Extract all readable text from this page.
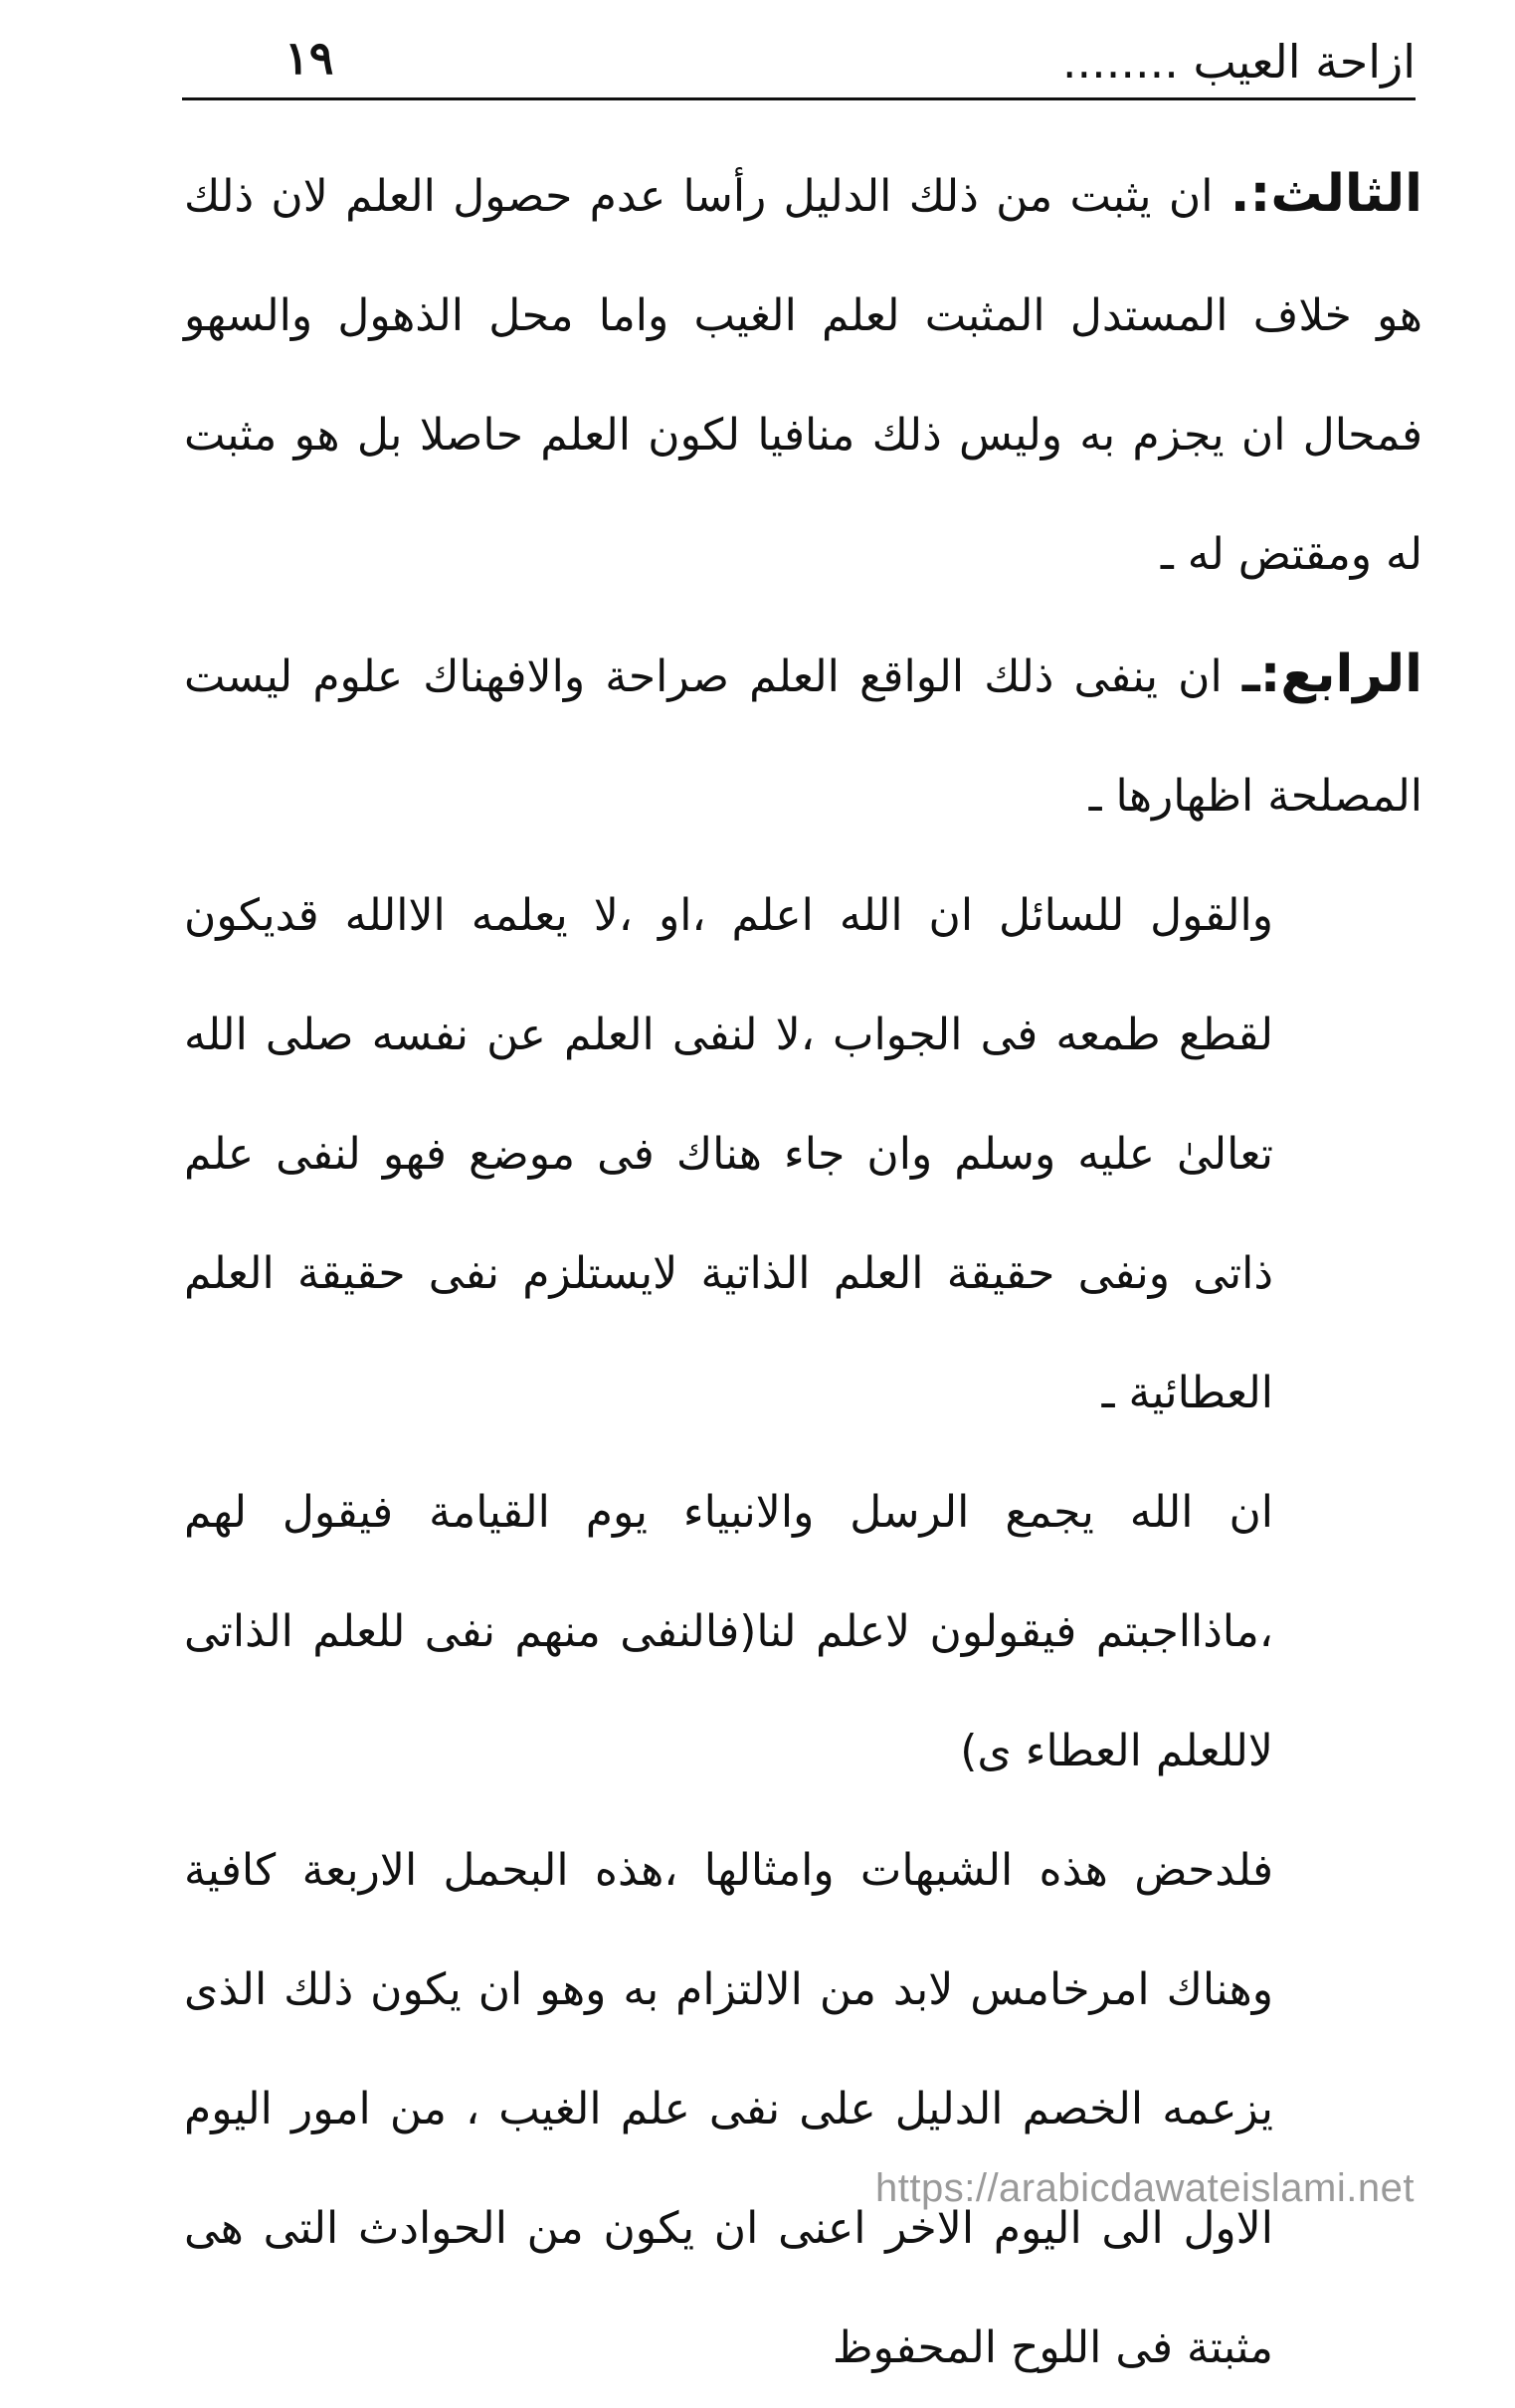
١٩	ازاحة العيب ........

الثالث:. ان يثبت من ذلك الدليل رأسا عدم حصول العلم لان ذلك هو خلاف المستدل المثبت لعلم الغيب واما محل الذهول والسهو فمحال ان يجزم به وليس ذلك منافيا لكون العلم حاصلا بل هو مثبت له ومقتض له ـ

الرابع:ـ ان ينفى ذلك الواقع العلم صراحة والافهناك علوم ليست المصلحة اظهارها ـ

والقول للسائل ان الله اعلم ،او ،لا يعلمه الاالله قديكون لقطع طمعه فى الجواب ،لا لنفى العلم عن نفسه صلى الله تعالىٰ عليه وسلم وان جاء هناك فى موضع فهو لنفى علم ذاتى ونفى حقيقة العلم الذاتية لايستلزم نفى حقيقة العلم العطائية ـ

ان الله يجمع الرسل والانبياء يوم القيامة فيقول لهم ،ماذااجبتم فيقولون لاعلم لنا(فالنفى منهم نفى للعلم الذاتى لاللعلم العطاء ى)

فلدحض هذه الشبهات وامثالها ،هذه البحمل الاربعة كافية وهناك امرخامس لابد من الالتزام به وهو ان يكون ذلك الذى يزعمه الخصم الدليل على نفى علم الغيب ، من امور اليوم الاول الى اليوم الاخر اعنى ان يكون من الحوادث التى هى مثبتة فى اللوح المحفوظ

https://arabicdawateislami.net
